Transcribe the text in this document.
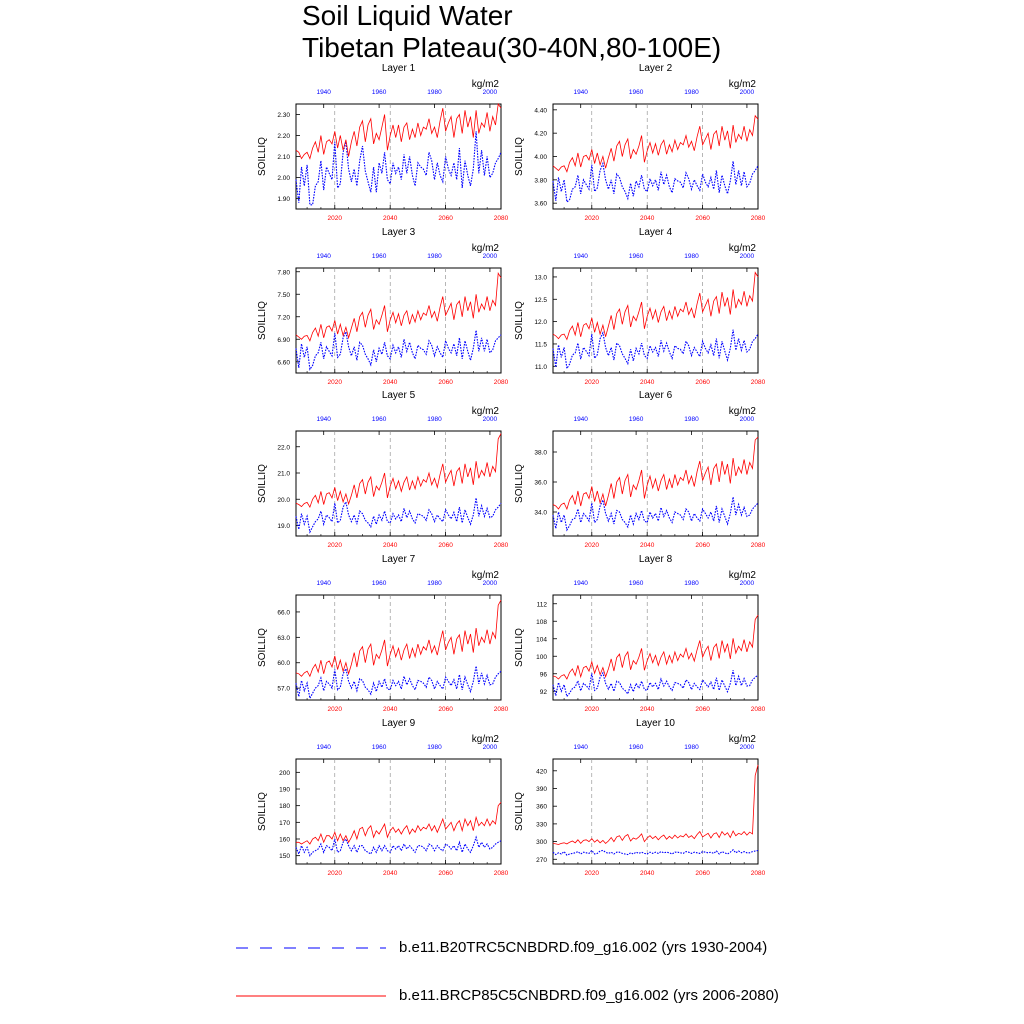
Soil Liquid Water
Tibetan Plateau(30-40N,80-100E)
Layer 1
kg/m2
SOILLIQ
2020	2040	2060	2080
1940	1960	1980	2000
1.90
2.00
2.10
2.20
2.30
Layer 2
kg/m2
SOILLIQ
2020	2040	2060	2080
1940	1960	1980	2000
3.60
3.80
4.00
4.20
4.40
Layer 3
kg/m2
SOILLIQ
2020	2040	2060	2080
1940	1960	1980	2000
6.60
6.90
7.20
7.50
7.80
Layer 4
kg/m2
SOILLIQ
2020	2040	2060	2080
1940	1960	1980	2000
11.0
11.5
12.0
12.5
13.0
Layer 5
kg/m2
SOILLIQ
2020	2040	2060	2080
1940	1960	1980	2000
19.0
20.0
21.0
22.0
Layer 6
kg/m2
SOILLIQ
2020	2040	2060	2080
1940	1960	1980	2000
34.0
36.0
38.0
Layer 7
kg/m2
SOILLIQ
2020	2040	2060	2080
1940	1960	1980	2000
57.0
60.0
63.0
66.0
Layer 8
kg/m2
SOILLIQ
2020	2040	2060	2080
1940	1960	1980	2000
92
96
100
104
108
112
Layer 9
kg/m2
SOILLIQ
2020	2040	2060	2080
1940	1960	1980	2000
150
160
170
180
190
200
Layer 10
kg/m2
SOILLIQ
2020	2040	2060	2080
1940	1960	1980	2000
270
300
330
360
390
420
b.e11.B20TRC5CNBDRD.f09_g16.002 (yrs 1930-2004)
b.e11.BRCP85C5CNBDRD.f09_g16.002 (yrs 2006-2080)
